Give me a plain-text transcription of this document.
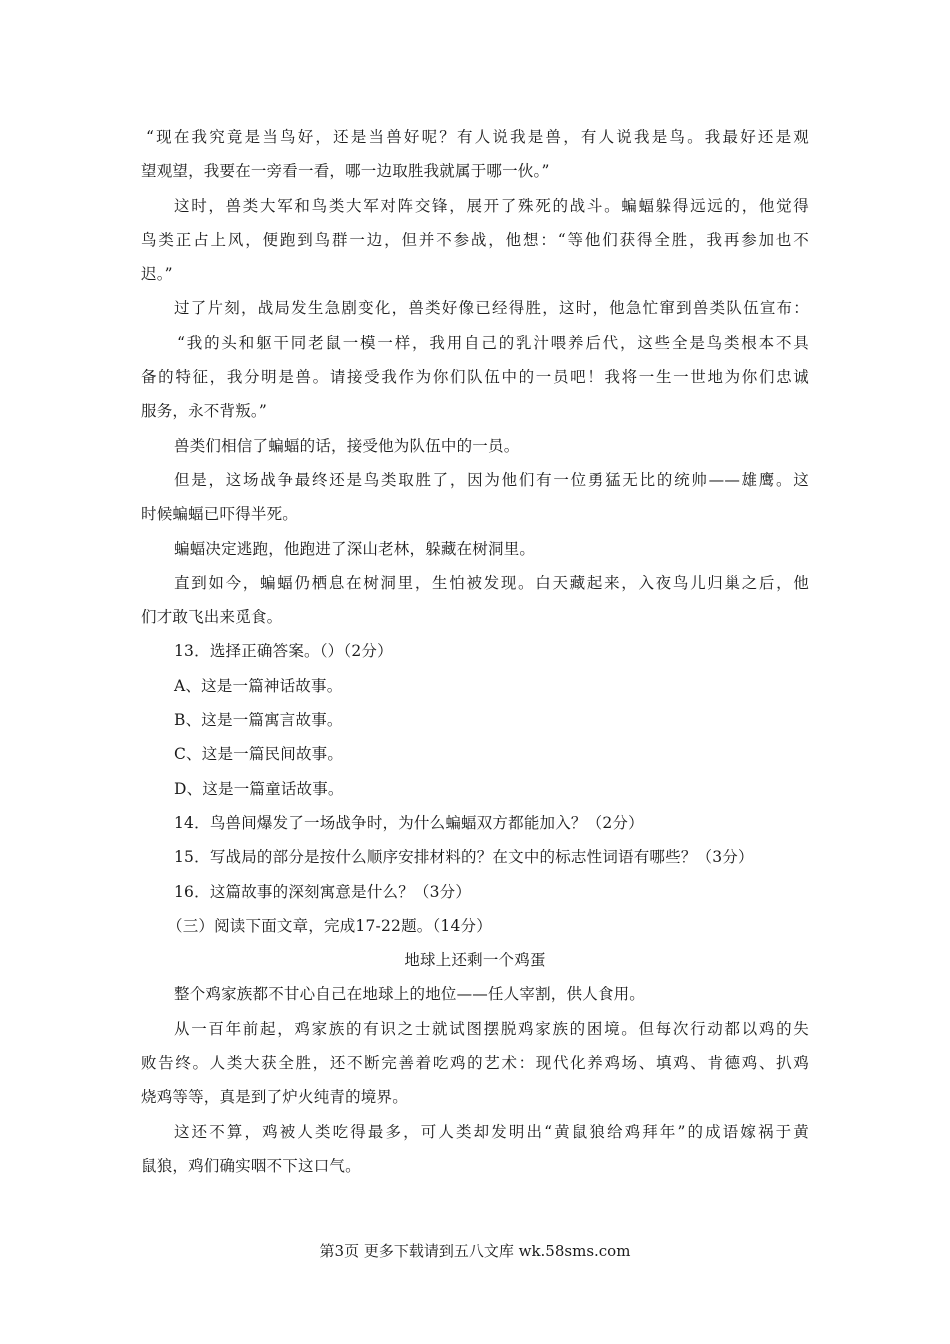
“现在我究竟是当鸟好，还是当兽好呢？有人说我是兽，有人说我是鸟。我最好还是观
望观望，我要在一旁看一看，哪一边取胜我就属于哪一伙。”
这时，兽类大军和鸟类大军对阵交锋，展开了殊死的战斗。蝙蝠躲得远远的，他觉得
鸟类正占上风，便跑到鸟群一边，但并不参战，他想：“等他们获得全胜，我再参加也不
迟。”
过了片刻，战局发生急剧变化，兽类好像已经得胜，这时，他急忙窜到兽类队伍宣布：
“我的头和躯干同老鼠一模一样，我用自己的乳汁喂养后代，这些全是鸟类根本不具
备的特征，我分明是兽。请接受我作为你们队伍中的一员吧！我将一生一世地为你们忠诚
服务，永不背叛。”
兽类们相信了蝙蝠的话，接受他为队伍中的一员。
但是，这场战争最终还是鸟类取胜了，因为他们有一位勇猛无比的统帅——雄鹰。这
时候蝙蝠已吓得半死。
蝙蝠决定逃跑，他跑进了深山老林，躲藏在树洞里。
直到如今，蝙蝠仍栖息在树洞里，生怕被发现。白天藏起来，入夜鸟儿归巢之后，他
们才敢飞出来觅食。
13．选择正确答案。（）（2分）
A、这是一篇神话故事。
B、这是一篇寓言故事。
C、这是一篇民间故事。
D、这是一篇童话故事。
14．鸟兽间爆发了一场战争时，为什么蝙蝠双方都能加入？（2分）
15．写战局的部分是按什么顺序安排材料的？在文中的标志性词语有哪些？（3分）
16．这篇故事的深刻寓意是什么？（3分）
（三）阅读下面文章，完成17-22题。（14分）
地球上还剩一个鸡蛋
整个鸡家族都不甘心自己在地球上的地位——任人宰割，供人食用。
从一百年前起，鸡家族的有识之士就试图摆脱鸡家族的困境。但每次行动都以鸡的失
败告终。人类大获全胜，还不断完善着吃鸡的艺术：现代化养鸡场、填鸡、肯德鸡、扒鸡
烧鸡等等，真是到了炉火纯青的境界。
这还不算，鸡被人类吃得最多，可人类却发明出“黄鼠狼给鸡拜年”的成语嫁祸于黄
鼠狼，鸡们确实咽不下这口气。
第3页 更多下载请到五八文库 wk.58sms.com
